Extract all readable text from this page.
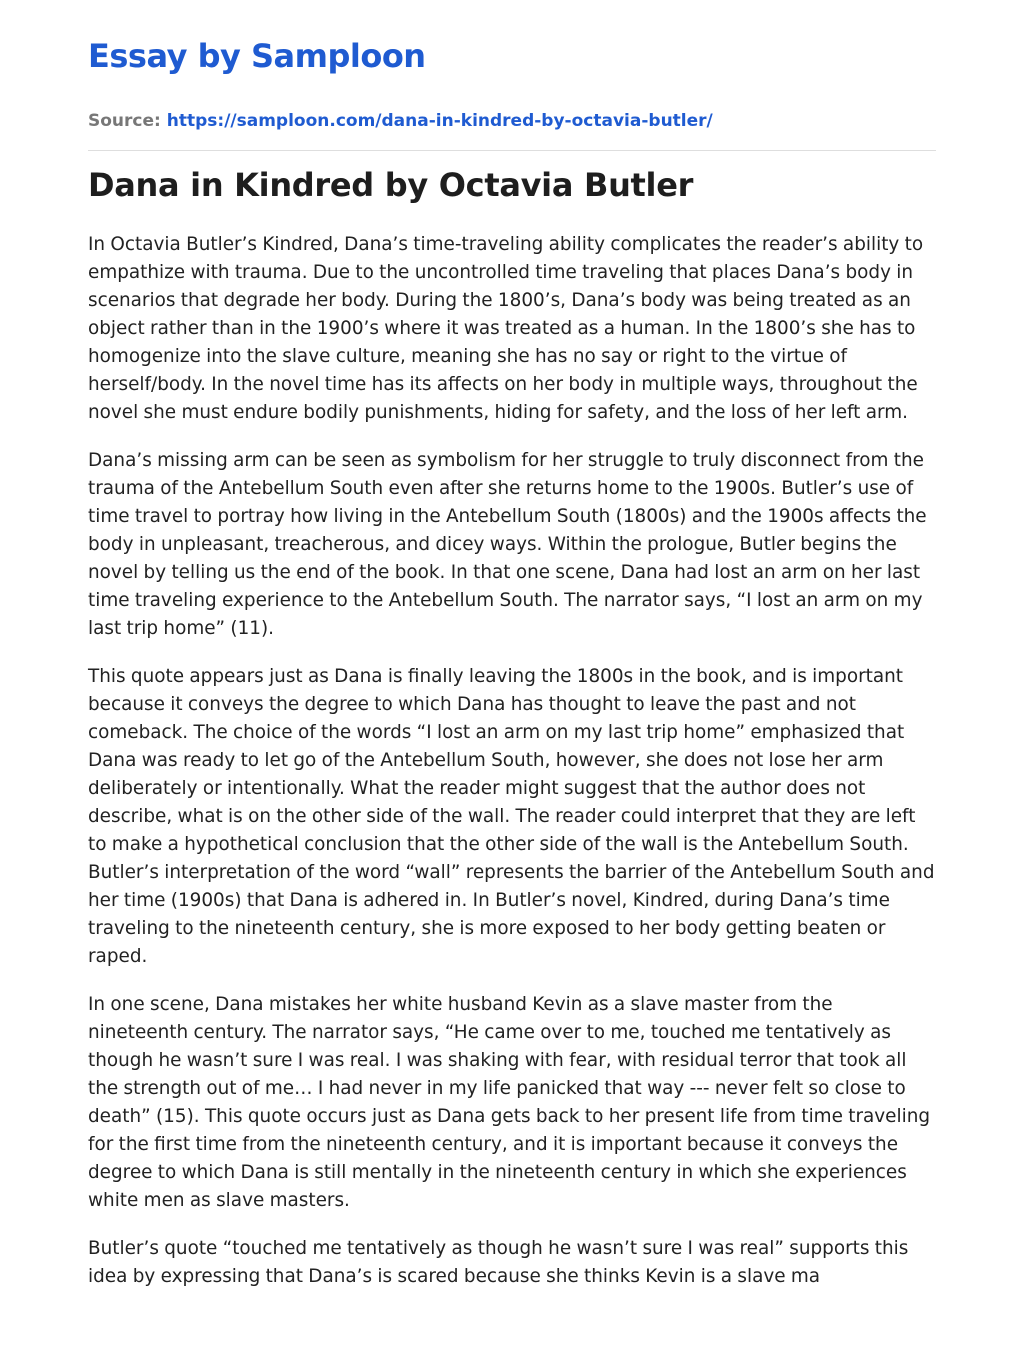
Essay by Samploon
Source: https://samploon.com/dana-in-kindred-by-octavia-butler/
Dana in Kindred by Octavia Butler

In Octavia Butler’s Kindred, Dana’s time-traveling ability complicates the reader’s ability to empathize with trauma. Due to the uncontrolled time traveling that places Dana’s body in scenarios that degrade her body. During the 1800’s, Dana’s body was being treated as an object rather than in the 1900’s where it was treated as a human. In the 1800’s she has to homogenize into the slave culture, meaning she has no say or right to the virtue of herself/body. In the novel time has its affects on her body in multiple ways, throughout the novel she must endure bodily punishments, hiding for safety, and the loss of her left arm.

Dana’s missing arm can be seen as symbolism for her struggle to truly disconnect from the trauma of the Antebellum South even after she returns home to the 1900s. Butler’s use of time travel to portray how living in the Antebellum South (1800s) and the 1900s affects the body in unpleasant, treacherous, and dicey ways. Within the prologue, Butler begins the novel by telling us the end of the book. In that one scene, Dana had lost an arm on her last time traveling experience to the Antebellum South. The narrator says, “I lost an arm on my last trip home” (11).

This quote appears just as Dana is finally leaving the 1800s in the book, and is important because it conveys the degree to which Dana has thought to leave the past and not comeback. The choice of the words “I lost an arm on my last trip home” emphasized that Dana was ready to let go of the Antebellum South, however, she does not lose her arm deliberately or intentionally. What the reader might suggest that the author does not describe, what is on the other side of the wall. The reader could interpret that they are left to make a hypothetical conclusion that the other side of the wall is the Antebellum South. Butler’s interpretation of the word “wall” represents the barrier of the Antebellum South and her time (1900s) that Dana is adhered in. In Butler’s novel, Kindred, during Dana’s time traveling to the nineteenth century, she is more exposed to her body getting beaten or raped.

In one scene, Dana mistakes her white husband Kevin as a slave master from the nineteenth century. The narrator says, “He came over to me, touched me tentatively as though he wasn’t sure I was real. I was shaking with fear, with residual terror that took all the strength out of me… I had never in my life panicked that way --- never felt so close to death” (15). This quote occurs just as Dana gets back to her present life from time traveling for the first time from the nineteenth century, and it is important because it conveys the degree to which Dana is still mentally in the nineteenth century in which she experiences white men as slave masters.

Butler’s quote “touched me tentatively as though he wasn’t sure I was real” supports this idea by expressing that Dana’s is scared because she thinks Kevin is a slave ma
